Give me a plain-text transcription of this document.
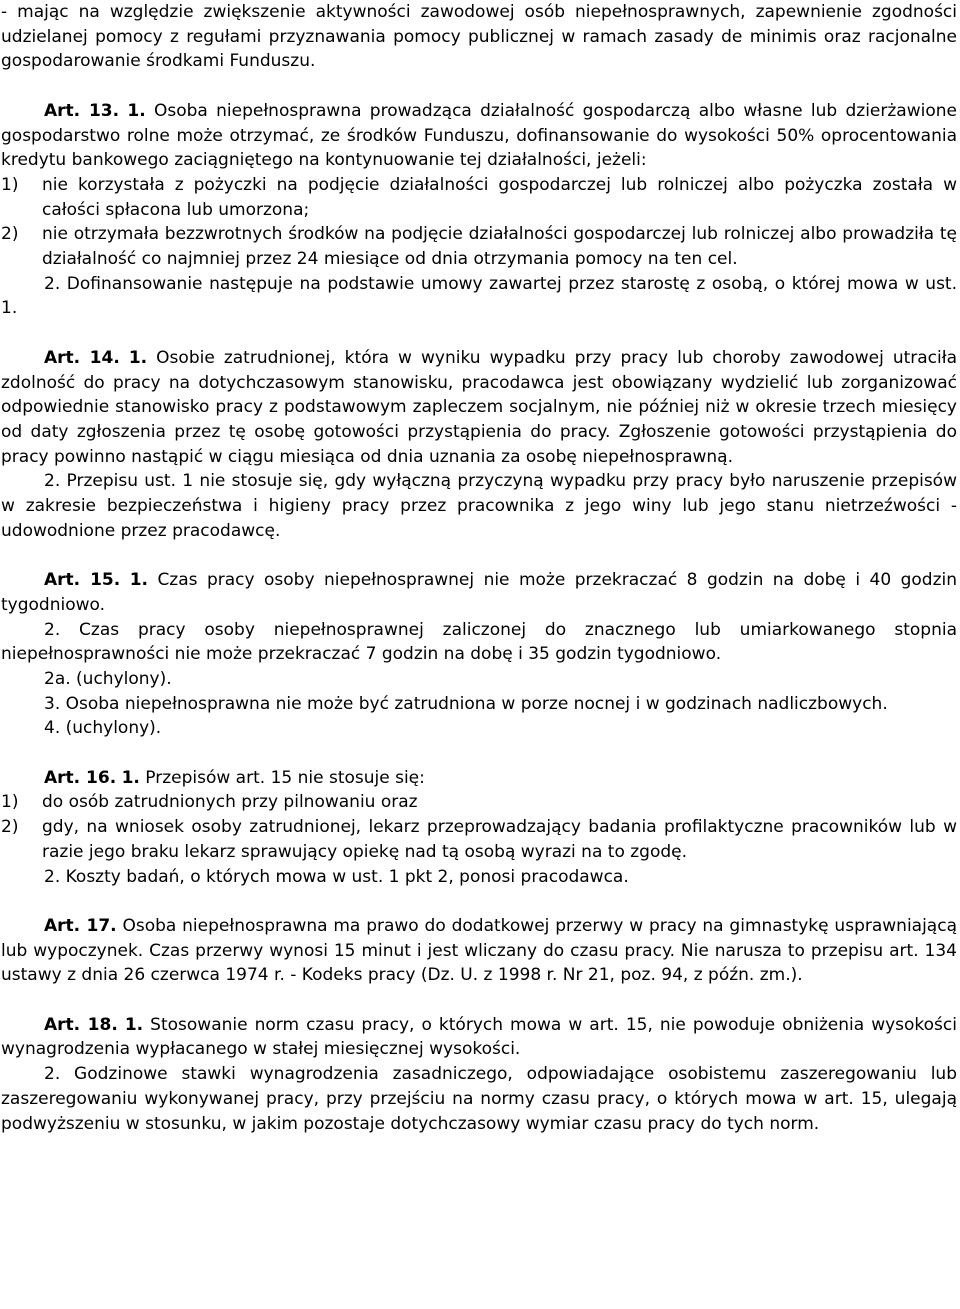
- mając na względzie zwiększenie aktywności zawodowej osób niepełnosprawnych, zapewnienie zgodności udzielanej pomocy z regułami przyznawania pomocy publicznej w ramach zasady de minimis oraz racjonalne gospodarowanie środkami Funduszu.

Art. 13. 1. Osoba niepełnosprawna prowadząca działalność gospodarczą albo własne lub dzierżawione gospodarstwo rolne może otrzymać, ze środków Funduszu, dofinansowanie do wysokości 50% oprocentowania kredytu bankowego zaciągniętego na kontynuowanie tej działalności, jeżeli:

1)	nie korzystała z pożyczki na podjęcie działalności gospodarczej lub rolniczej albo pożyczka została w całości spłacona lub umorzona;
2)	nie otrzymała bezzwrotnych środków na podjęcie działalności gospodarczej lub rolniczej albo prowadziła tę działalność co najmniej przez 24 miesiące od dnia otrzymania pomocy na ten cel.

2. Dofinansowanie następuje na podstawie umowy zawartej przez starostę z osobą, o której mowa w ust. 1.

Art. 14. 1. Osobie zatrudnionej, która w wyniku wypadku przy pracy lub choroby zawodowej utraciła zdolność do pracy na dotychczasowym stanowisku, pracodawca jest obowiązany wydzielić lub zorganizować odpowiednie stanowisko pracy z podstawowym zapleczem socjalnym, nie później niż w okresie trzech miesięcy od daty zgłoszenia przez tę osobę gotowości przystąpienia do pracy. Zgłoszenie gotowości przystąpienia do pracy powinno nastąpić w ciągu miesiąca od dnia uznania za osobę niepełnosprawną.

2. Przepisu ust. 1 nie stosuje się, gdy wyłączną przyczyną wypadku przy pracy było naruszenie przepisów w zakresie bezpieczeństwa i higieny pracy przez pracownika z jego winy lub jego stanu nietrzeźwości - udowodnione przez pracodawcę.

Art. 15. 1. Czas pracy osoby niepełnosprawnej nie może przekraczać 8 godzin na dobę i 40 godzin tygodniowo.

2. Czas pracy osoby niepełnosprawnej zaliczonej do znacznego lub umiarkowanego stopnia niepełnosprawności nie może przekraczać 7 godzin na dobę i 35 godzin tygodniowo.

2a. (uchylony).

3. Osoba niepełnosprawna nie może być zatrudniona w porze nocnej i w godzinach nadliczbowych.

4. (uchylony).

Art. 16. 1. Przepisów art. 15 nie stosuje się:

1)	do osób zatrudnionych przy pilnowaniu oraz
2)	gdy, na wniosek osoby zatrudnionej, lekarz przeprowadzający badania profilaktyczne pracowników lub w razie jego braku lekarz sprawujący opiekę nad tą osobą wyrazi na to zgodę.

2. Koszty badań, o których mowa w ust. 1 pkt 2, ponosi pracodawca.

Art. 17. Osoba niepełnosprawna ma prawo do dodatkowej przerwy w pracy na gimnastykę usprawniającą lub wypoczynek. Czas przerwy wynosi 15 minut i jest wliczany do czasu pracy. Nie narusza to przepisu art. 134 ustawy z dnia 26 czerwca 1974 r. - Kodeks pracy (Dz. U. z 1998 r. Nr 21, poz. 94, z późn. zm.).

Art. 18. 1. Stosowanie norm czasu pracy, o których mowa w art. 15, nie powoduje obniżenia wysokości wynagrodzenia wypłacanego w stałej miesięcznej wysokości.

2. Godzinowe stawki wynagrodzenia zasadniczego, odpowiadające osobistemu zaszeregowaniu lub zaszeregowaniu wykonywanej pracy, przy przejściu na normy czasu pracy, o których mowa w art. 15, ulegają podwyższeniu w stosunku, w jakim pozostaje dotychczasowy wymiar czasu pracy do tych norm.
